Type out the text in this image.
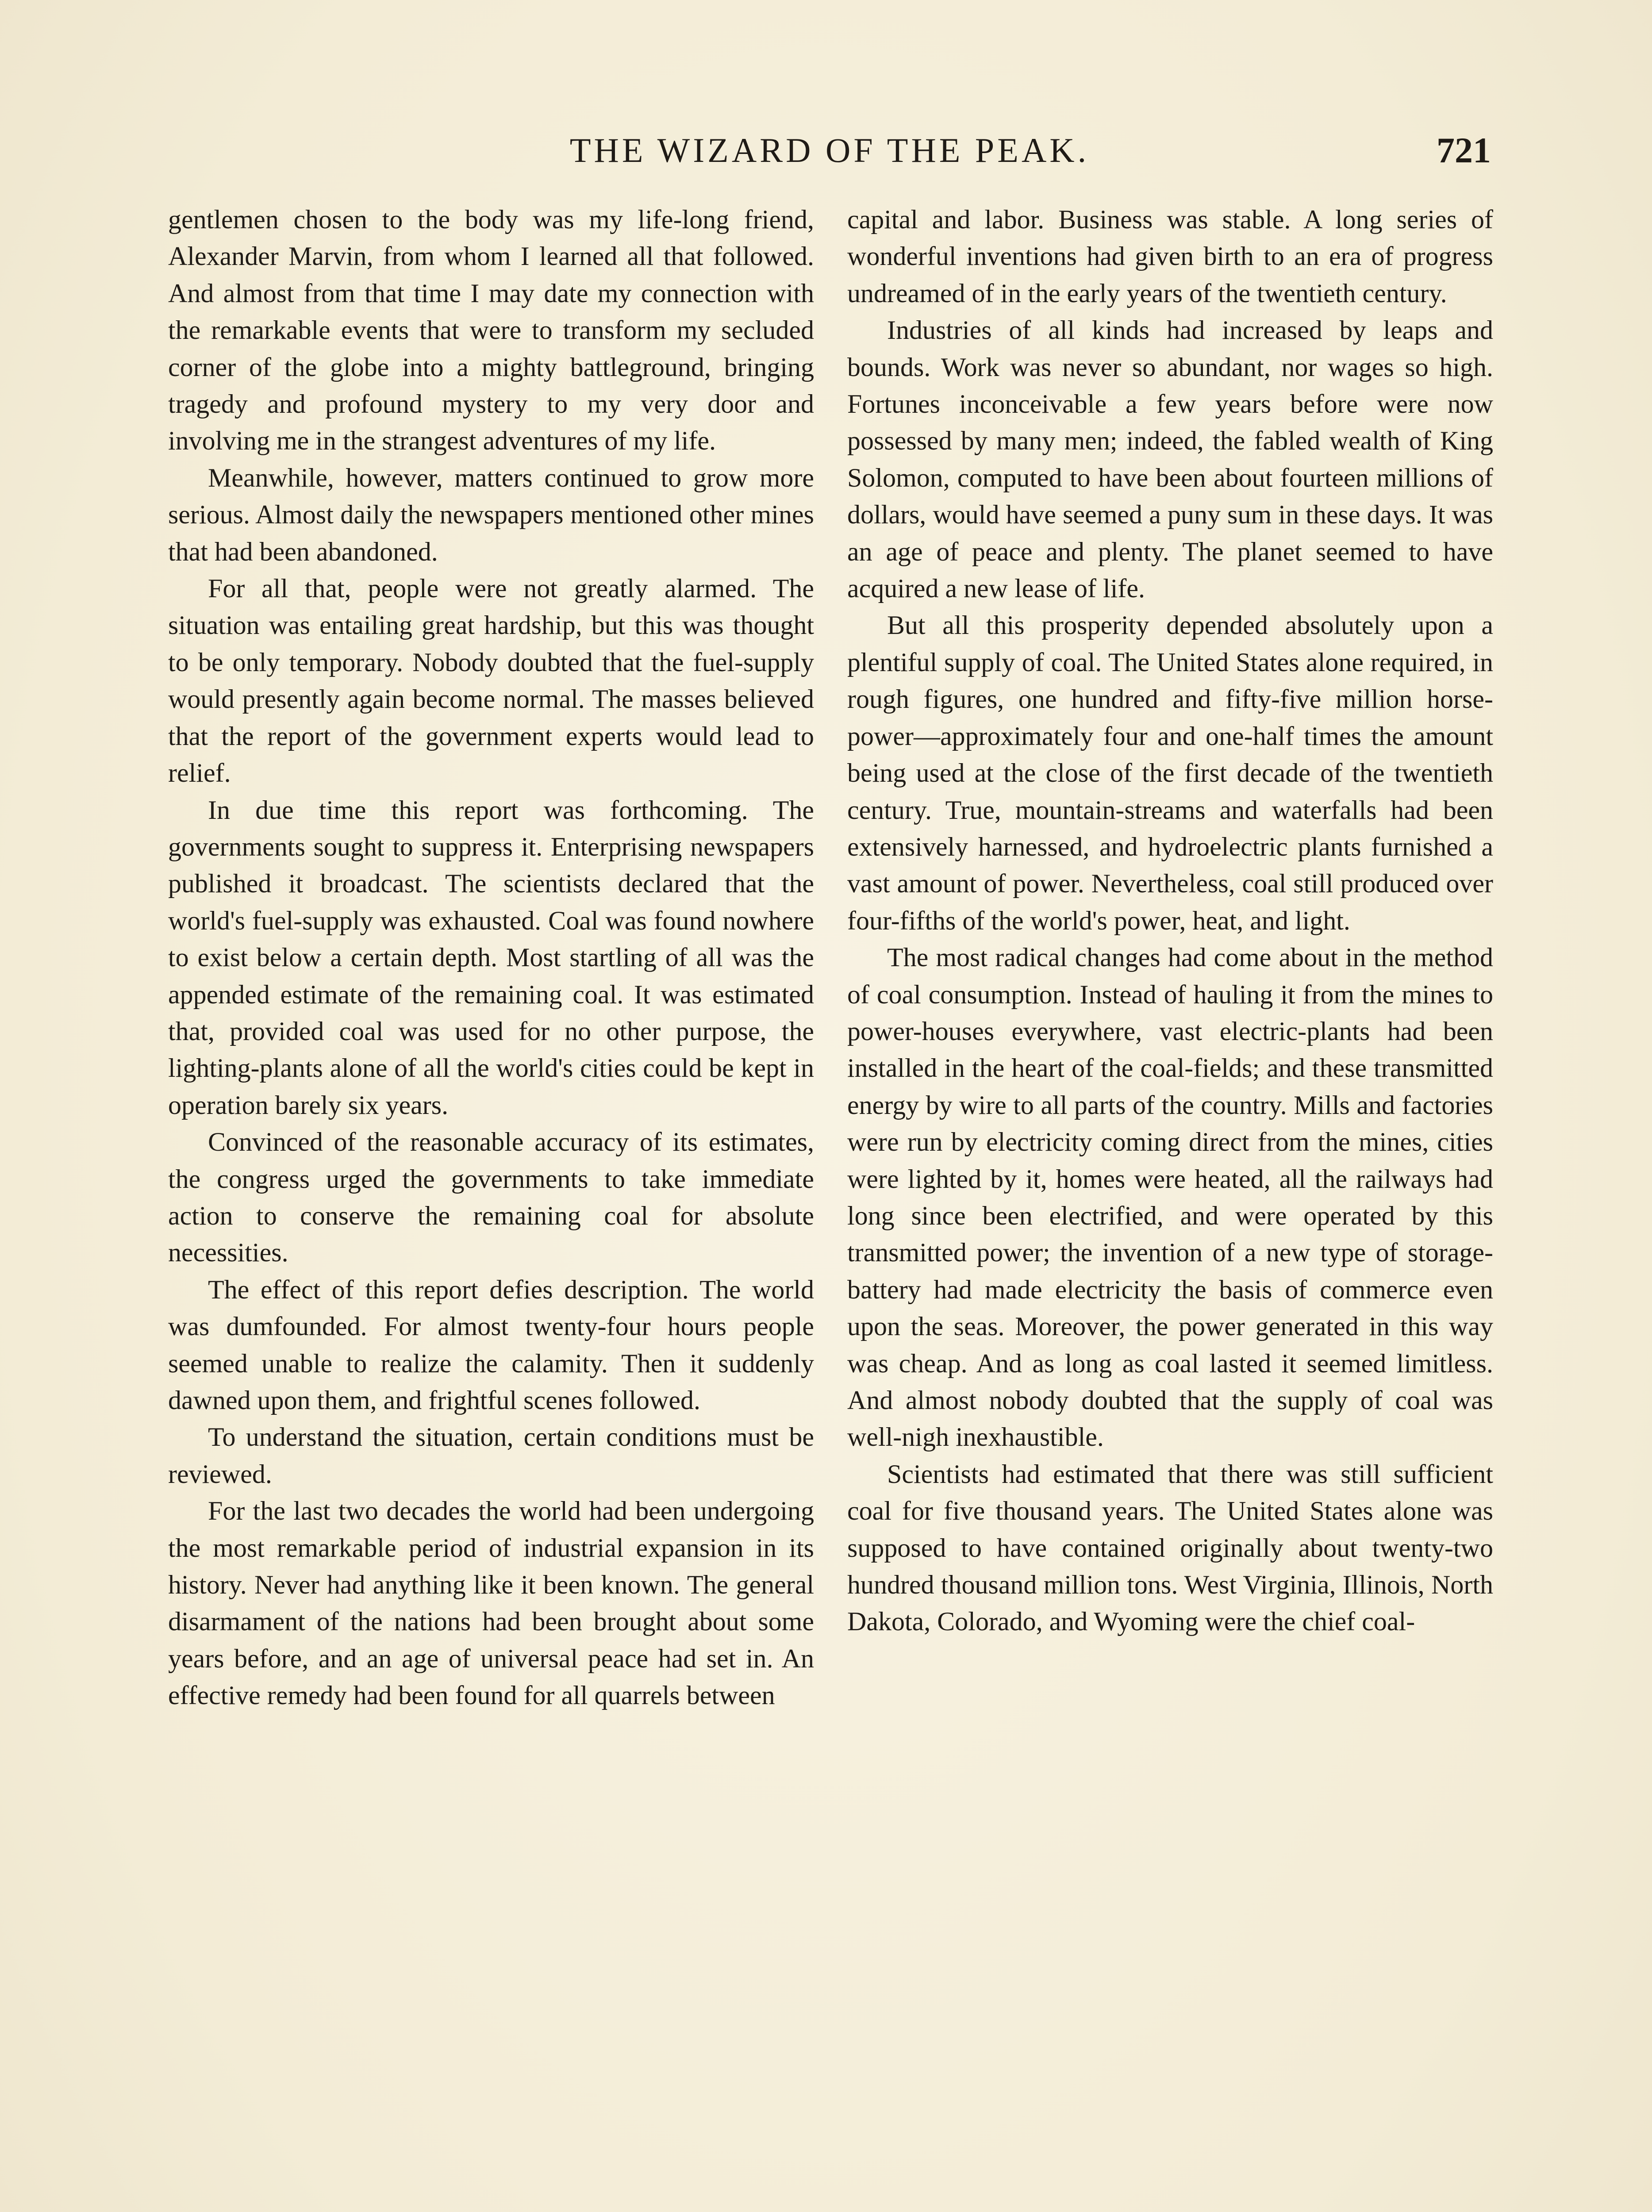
THE WIZARD OF THE PEAK.	721

gentlemen chosen to the body was my life-long friend, Alexander Marvin, from whom I learned all that followed. And almost from that time I may date my connection with the remarkable events that were to transform my secluded corner of the globe into a mighty battleground, bringing tragedy and profound mystery to my very door and involving me in the strangest adventures of my life.

Meanwhile, however, matters continued to grow more serious. Almost daily the newspapers mentioned other mines that had been abandoned.

For all that, people were not greatly alarmed. The situation was entailing great hardship, but this was thought to be only temporary. Nobody doubted that the fuel-supply would presently again become normal. The masses believed that the report of the government experts would lead to relief.

In due time this report was forthcoming. The governments sought to suppress it. Enterprising newspapers published it broadcast. The scientists declared that the world's fuel-supply was exhausted. Coal was found nowhere to exist below a certain depth. Most startling of all was the appended estimate of the remaining coal. It was estimated that, provided coal was used for no other purpose, the lighting-plants alone of all the world's cities could be kept in operation barely six years.

Convinced of the reasonable accuracy of its estimates, the congress urged the governments to take immediate action to conserve the remaining coal for absolute necessities.

The effect of this report defies description. The world was dumfounded. For almost twenty-four hours people seemed unable to realize the calamity. Then it suddenly dawned upon them, and frightful scenes followed.

To understand the situation, certain conditions must be reviewed.

For the last two decades the world had been undergoing the most remarkable period of industrial expansion in its history. Never had anything like it been known. The general disarmament of the nations had been brought about some years before, and an age of universal peace had set in. An effective remedy had been found for all quarrels between

capital and labor. Business was stable. A long series of wonderful inventions had given birth to an era of progress undreamed of in the early years of the twentieth century.

Industries of all kinds had increased by leaps and bounds. Work was never so abundant, nor wages so high. Fortunes inconceivable a few years before were now possessed by many men; indeed, the fabled wealth of King Solomon, computed to have been about fourteen millions of dollars, would have seemed a puny sum in these days. It was an age of peace and plenty. The planet seemed to have acquired a new lease of life.

But all this prosperity depended absolutely upon a plentiful supply of coal. The United States alone required, in rough figures, one hundred and fifty-five million horse-power—approximately four and one-half times the amount being used at the close of the first decade of the twentieth century. True, mountain-streams and waterfalls had been extensively harnessed, and hydroelectric plants furnished a vast amount of power. Nevertheless, coal still produced over four-fifths of the world's power, heat, and light.

The most radical changes had come about in the method of coal consumption. Instead of hauling it from the mines to power-houses everywhere, vast electric-plants had been installed in the heart of the coal-fields; and these transmitted energy by wire to all parts of the country. Mills and factories were run by electricity coming direct from the mines, cities were lighted by it, homes were heated, all the railways had long since been electrified, and were operated by this transmitted power; the invention of a new type of storage-battery had made electricity the basis of commerce even upon the seas. Moreover, the power generated in this way was cheap. And as long as coal lasted it seemed limitless. And almost nobody doubted that the supply of coal was well-nigh inexhaustible.

Scientists had estimated that there was still sufficient coal for five thousand years. The United States alone was supposed to have contained originally about twenty-two hundred thousand million tons. West Virginia, Illinois, North Dakota, Colorado, and Wyoming were the chief coal-
